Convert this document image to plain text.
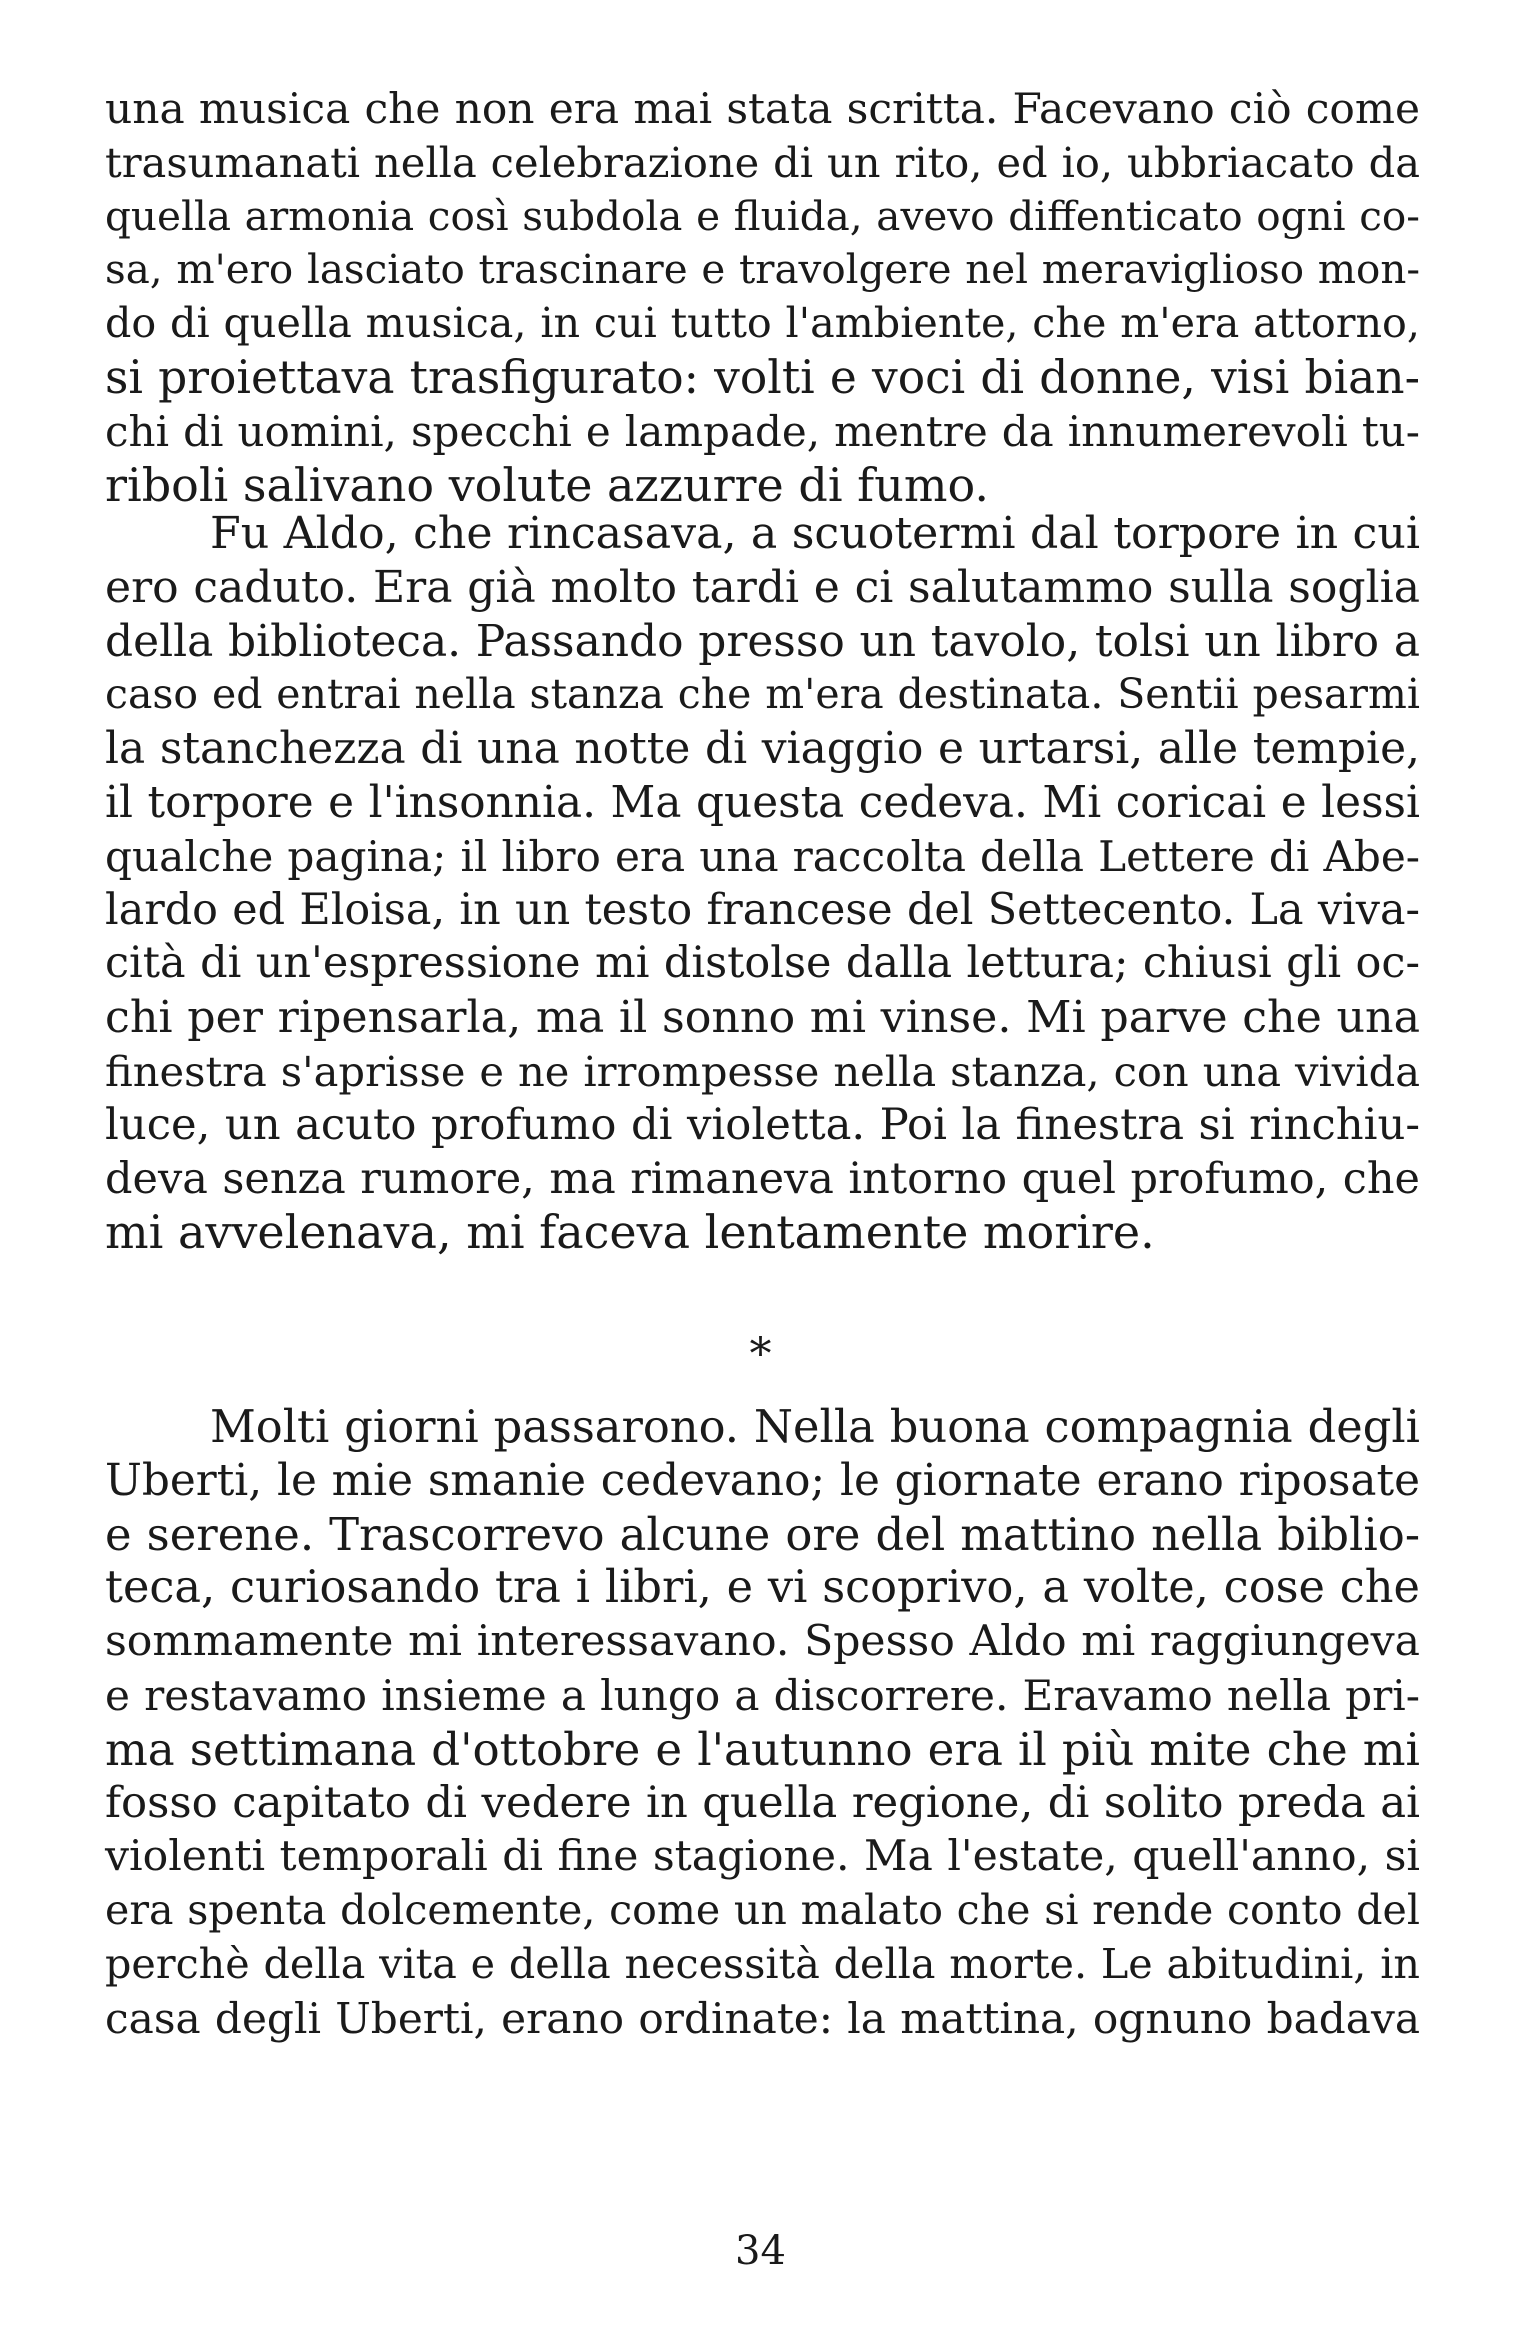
una musica che non era mai stata scritta. Facevano ciò come
trasumanati nella celebrazione di un rito, ed io, ubbriacato da
quella armonia così subdola e fluida, avevo diffenticato ogni co-
sa, m'ero lasciato trascinare e travolgere nel meraviglioso mon-
do di quella musica, in cui tutto l'ambiente, che m'era attorno,
si proiettava trasfigurato: volti e voci di donne, visi bian-
chi di uomini, specchi e lampade, mentre da innumerevoli tu-
riboli salivano volute azzurre di fumo.
Fu Aldo, che rincasava, a scuotermi dal torpore in cui
ero caduto. Era già molto tardi e ci salutammo sulla soglia
della biblioteca. Passando presso un tavolo, tolsi un libro a
caso ed entrai nella stanza che m'era destinata. Sentii pesarmi
la stanchezza di una notte di viaggio e urtarsi, alle tempie,
il torpore e l'insonnia. Ma questa cedeva. Mi coricai e lessi
qualche pagina; il libro era una raccolta della Lettere di Abe-
lardo ed Eloisa, in un testo francese del Settecento. La viva-
cità di un'espressione mi distolse dalla lettura; chiusi gli oc-
chi per ripensarla, ma il sonno mi vinse. Mi parve che una
finestra s'aprisse e ne irrompesse nella stanza, con una vivida
luce, un acuto profumo di violetta. Poi la finestra si rinchiu-
deva senza rumore, ma rimaneva intorno quel profumo, che
mi avvelenava, mi faceva lentamente morire.
*
Molti giorni passarono. Nella buona compagnia degli
Uberti, le mie smanie cedevano; le giornate erano riposate
e serene. Trascorrevo alcune ore del mattino nella biblio-
teca, curiosando tra i libri, e vi scoprivo, a volte, cose che
sommamente mi interessavano. Spesso Aldo mi raggiungeva
e restavamo insieme a lungo a discorrere. Eravamo nella pri-
ma settimana d'ottobre e l'autunno era il più mite che mi
fosso capitato di vedere in quella regione, di solito preda ai
violenti temporali di fine stagione. Ma l'estate, quell'anno, si
era spenta dolcemente, come un malato che si rende conto del
perchè della vita e della necessità della morte. Le abitudini, in
casa degli Uberti, erano ordinate: la mattina, ognuno badava
34
